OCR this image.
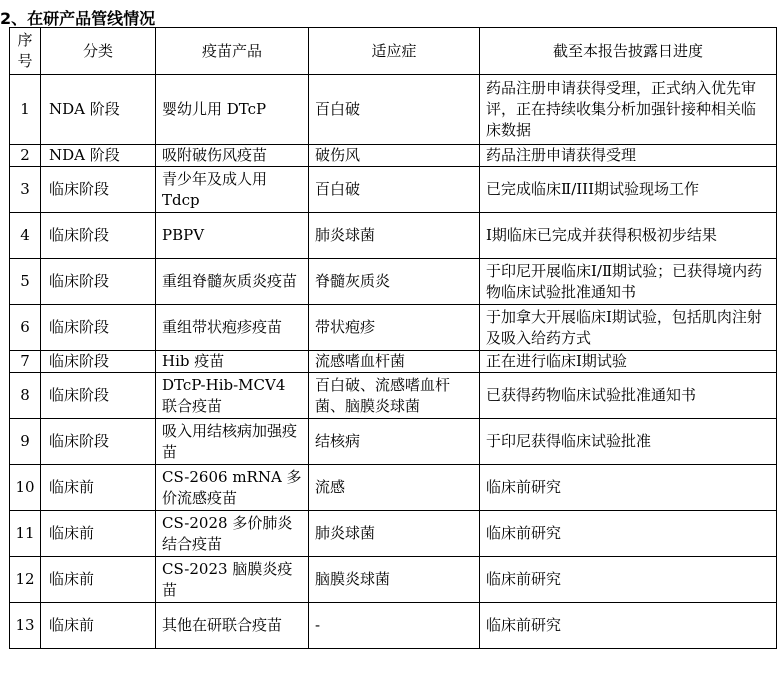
2、在研产品管线情况
序号	分类	疫苗产品	适应症	截至本报告披露日进度
1	NDA 阶段	婴幼儿用 DTcP	百白破	药品注册申请获得受理，正式纳入优先审评，正在持续收集分析加强针接种相关临床数据
2	NDA 阶段	吸附破伤风疫苗	破伤风	药品注册申请获得受理
3	临床阶段	青少年及成人用 Tdcp	百白破	已完成临床Ⅱ/III期试验现场工作
4	临床阶段	PBPV	肺炎球菌	Ⅰ期临床已完成并获得积极初步结果
5	临床阶段	重组脊髓灰质炎疫苗	脊髓灰质炎	于印尼开展临床Ⅰ/Ⅱ期试验；已获得境内药物临床试验批准通知书
6	临床阶段	重组带状疱疹疫苗	带状疱疹	于加拿大开展临床Ⅰ期试验，包括肌肉注射及吸入给药方式
7	临床阶段	Hib 疫苗	流感嗜血杆菌	正在进行临床Ⅰ期试验
8	临床阶段	DTcP-Hib-MCV4 联合疫苗	百白破、流感嗜血杆菌、脑膜炎球菌	已获得药物临床试验批准通知书
9	临床阶段	吸入用结核病加强疫苗	结核病	于印尼获得临床试验批准
10	临床前	CS-2606 mRNA 多价流感疫苗	流感	临床前研究
11	临床前	CS-2028 多价肺炎结合疫苗	肺炎球菌	临床前研究
12	临床前	CS-2023 脑膜炎疫苗	脑膜炎球菌	临床前研究
13	临床前	其他在研联合疫苗	-	临床前研究
